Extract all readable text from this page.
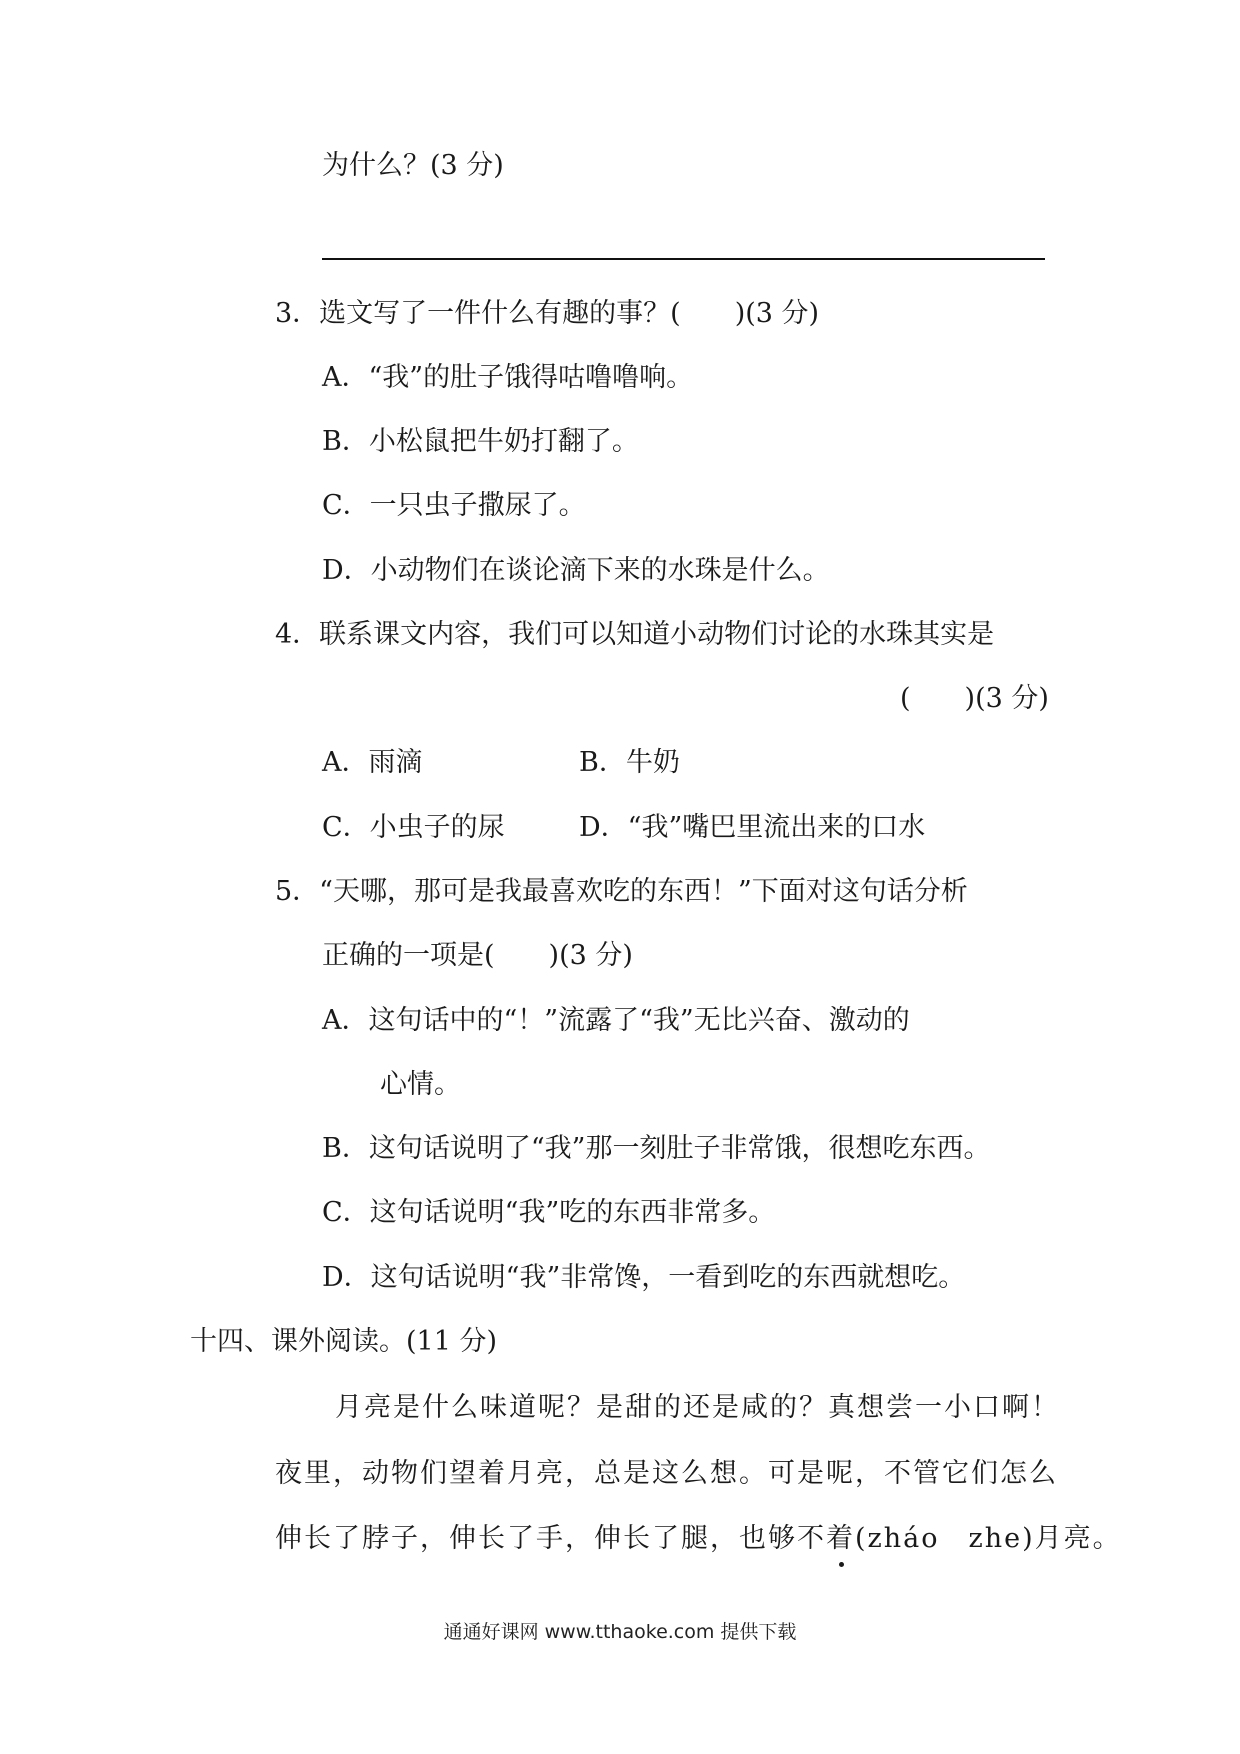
为什么？(3 分)
3．选文写了一件什么有趣的事？(　　)(3 分)
A．“我”的肚子饿得咕噜噜响。
B．小松鼠把牛奶打翻了。
C．一只虫子撒尿了。
D．小动物们在谈论滴下来的水珠是什么。
4．联系课文内容，我们可以知道小动物们讨论的水珠其实是
(　　)(3 分)
A．雨滴	B．牛奶
C．小虫子的尿	D．“我”嘴巴里流出来的口水
5．“天哪，那可是我最喜欢吃的东西！”下面对这句话分析
正确的一项是(　　)(3 分)
A．这句话中的“！”流露了“我”无比兴奋、激动的
心情。
B．这句话说明了“我”那一刻肚子非常饿，很想吃东西。
C．这句话说明“我”吃的东西非常多。
D．这句话说明“我”非常馋，一看到吃的东西就想吃。
十四、课外阅读。(11 分)
月亮是什么味道呢？是甜的还是咸的？真想尝一小口啊！
夜里，动物们望着月亮，总是这么想。可是呢，不管它们怎么
伸长了脖子，伸长了手，伸长了腿，也够不着(zháo　zhe)月亮。
通通好课网 www.tthaoke.com 提供下载
